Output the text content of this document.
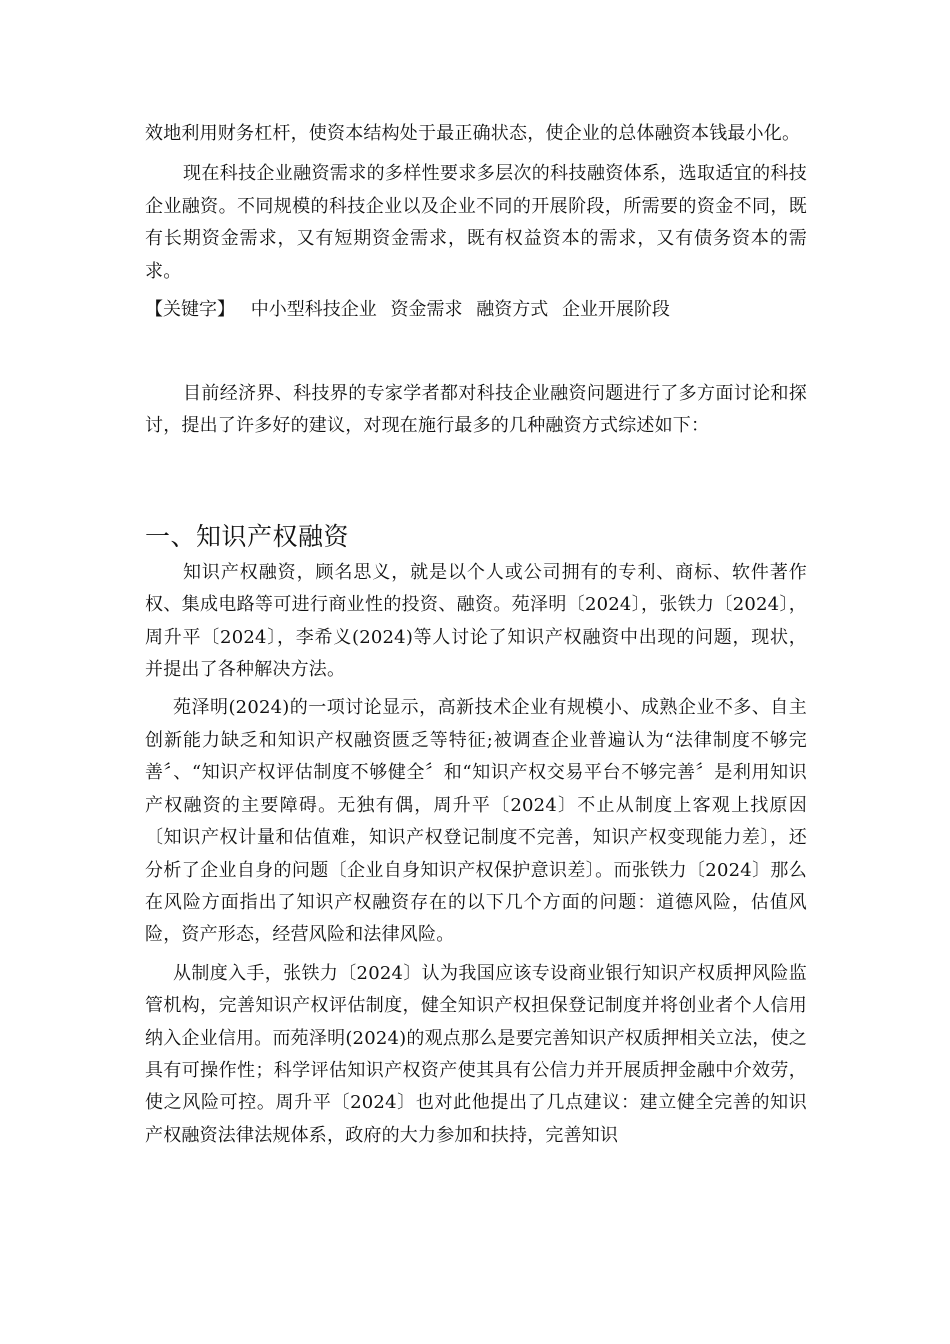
效地利用财务杠杆，使资本结构处于最正确状态，使企业的总体融资本钱最小化。

现在科技企业融资需求的多样性要求多层次的科技融资体系，选取适宜的科技企业融资。不同规模的科技企业以及企业不同的开展阶段，所需要的资金不同，既有长期资金需求，又有短期资金需求，既有权益资本的需求，又有债务资本的需求。

【关键字】 中小型科技企业 资金需求 融资方式 企业开展阶段

目前经济界、科技界的专家学者都对科技企业融资问题进行了多方面讨论和探讨，提出了许多好的建议，对现在施行最多的几种融资方式综述如下：

一、知识产权融资

知识产权融资，顾名思义，就是以个人或公司拥有的专利、商标、软件著作权、集成电路等可进行商业性的投资、融资。苑泽明〔2024〕，张铁力〔2024〕，周升平〔2024〕，李希义(2024)等人讨论了知识产权融资中出现的问题，现状，并提出了各种解决方法。

苑泽明(2024)的一项讨论显示，高新技术企业有规模小、成熟企业不多、自主创新能力缺乏和知识产权融资匮乏等特征;被调查企业普遍认为“法律制度不够完善〞、“知识产权评估制度不够健全〞和“知识产权交易平台不够完善〞是利用知识产权融资的主要障碍。无独有偶，周升平〔2024〕不止从制度上客观上找原因〔知识产权计量和估值难，知识产权登记制度不完善，知识产权变现能力差〕，还分析了企业自身的问题〔企业自身知识产权保护意识差〕。而张铁力〔2024〕那么在风险方面指出了知识产权融资存在的以下几个方面的问题：道德风险，估值风险，资产形态，经营风险和法律风险。

从制度入手，张铁力〔2024〕认为我国应该专设商业银行知识产权质押风险监管机构，完善知识产权评估制度，健全知识产权担保登记制度并将创业者个人信用纳入企业信用。而苑泽明(2024)的观点那么是要完善知识产权质押相关立法，使之具有可操作性；科学评估知识产权资产使其具有公信力并开展质押金融中介效劳，使之风险可控。周升平〔2024〕也对此他提出了几点建议：建立健全完善的知识产权融资法律法规体系，政府的大力参加和扶持，完善知识
